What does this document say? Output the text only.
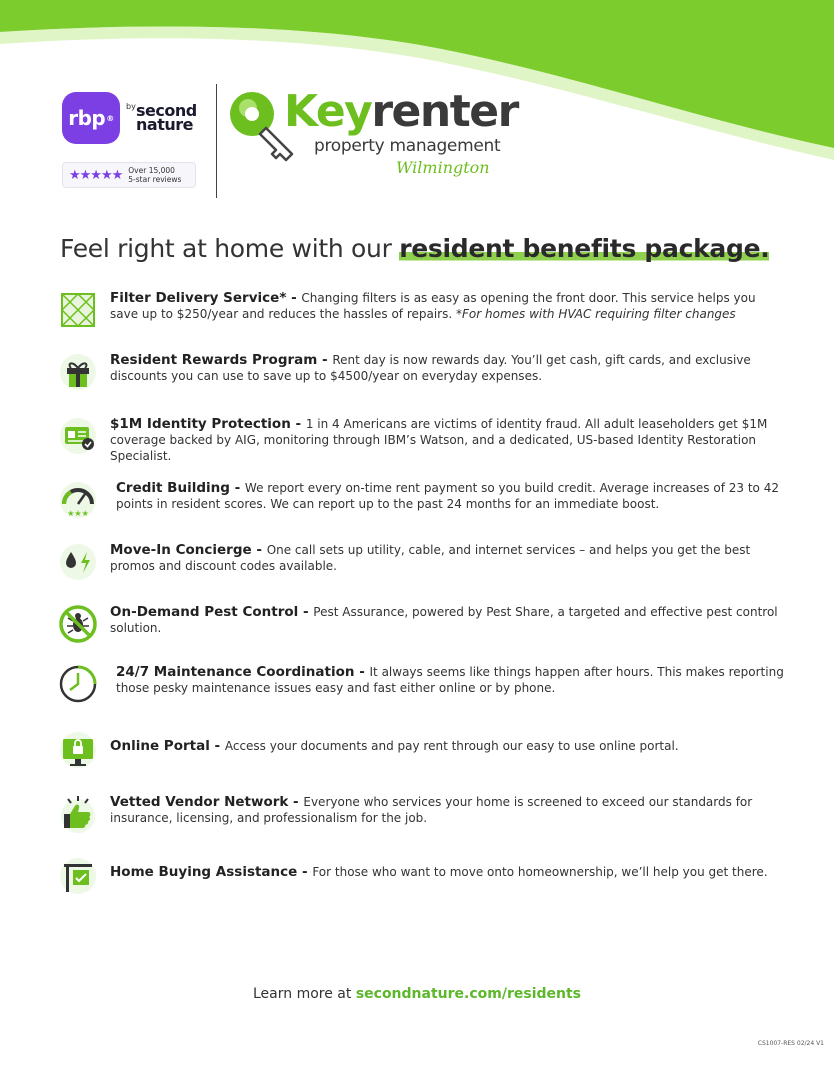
rbp ®
by second
nature
★★★★★ Over 15,000
5-star reviews
Keyrenter
property management
Wilmington
Feel right at home with our resident benefits package.
Filter Delivery Service* - Changing filters is as easy as opening the front door. This service helps you save up to $250/year and reduces the hassles of repairs. *For homes with HVAC requiring filter changes
Resident Rewards Program - Rent day is now rewards day. You’ll get cash, gift cards, and exclusive discounts you can use to save up to $4500/year on everyday expenses.
$1M Identity Protection - 1 in 4 Americans are victims of identity fraud. All adult leaseholders get $1M coverage backed by AIG, monitoring through IBM’s Watson, and a dedicated, US-based Identity Restoration Specialist.
★★★
Credit Building - We report every on-time rent payment so you build credit. Average increases of 23 to 42 points in resident scores. We can report up to the past 24 months for an immediate boost.
Move-In Concierge - One call sets up utility, cable, and internet services – and helps you get the best promos and discount codes available.
On-Demand Pest Control - Pest Assurance, powered by Pest Share, a targeted and effective pest control solution.
24/7 Maintenance Coordination - It always seems like things happen after hours. This makes reporting those pesky maintenance issues easy and fast either online or by phone.
Online Portal - Access your documents and pay rent through our easy to use online portal.
Vetted Vendor Network - Everyone who services your home is screened to exceed our standards for insurance, licensing, and professionalism for the job.
Home Buying Assistance - For those who want to move onto homeownership, we’ll help you get there.
Learn more at secondnature.com/residents
CS1007-RES 02/24 V1
